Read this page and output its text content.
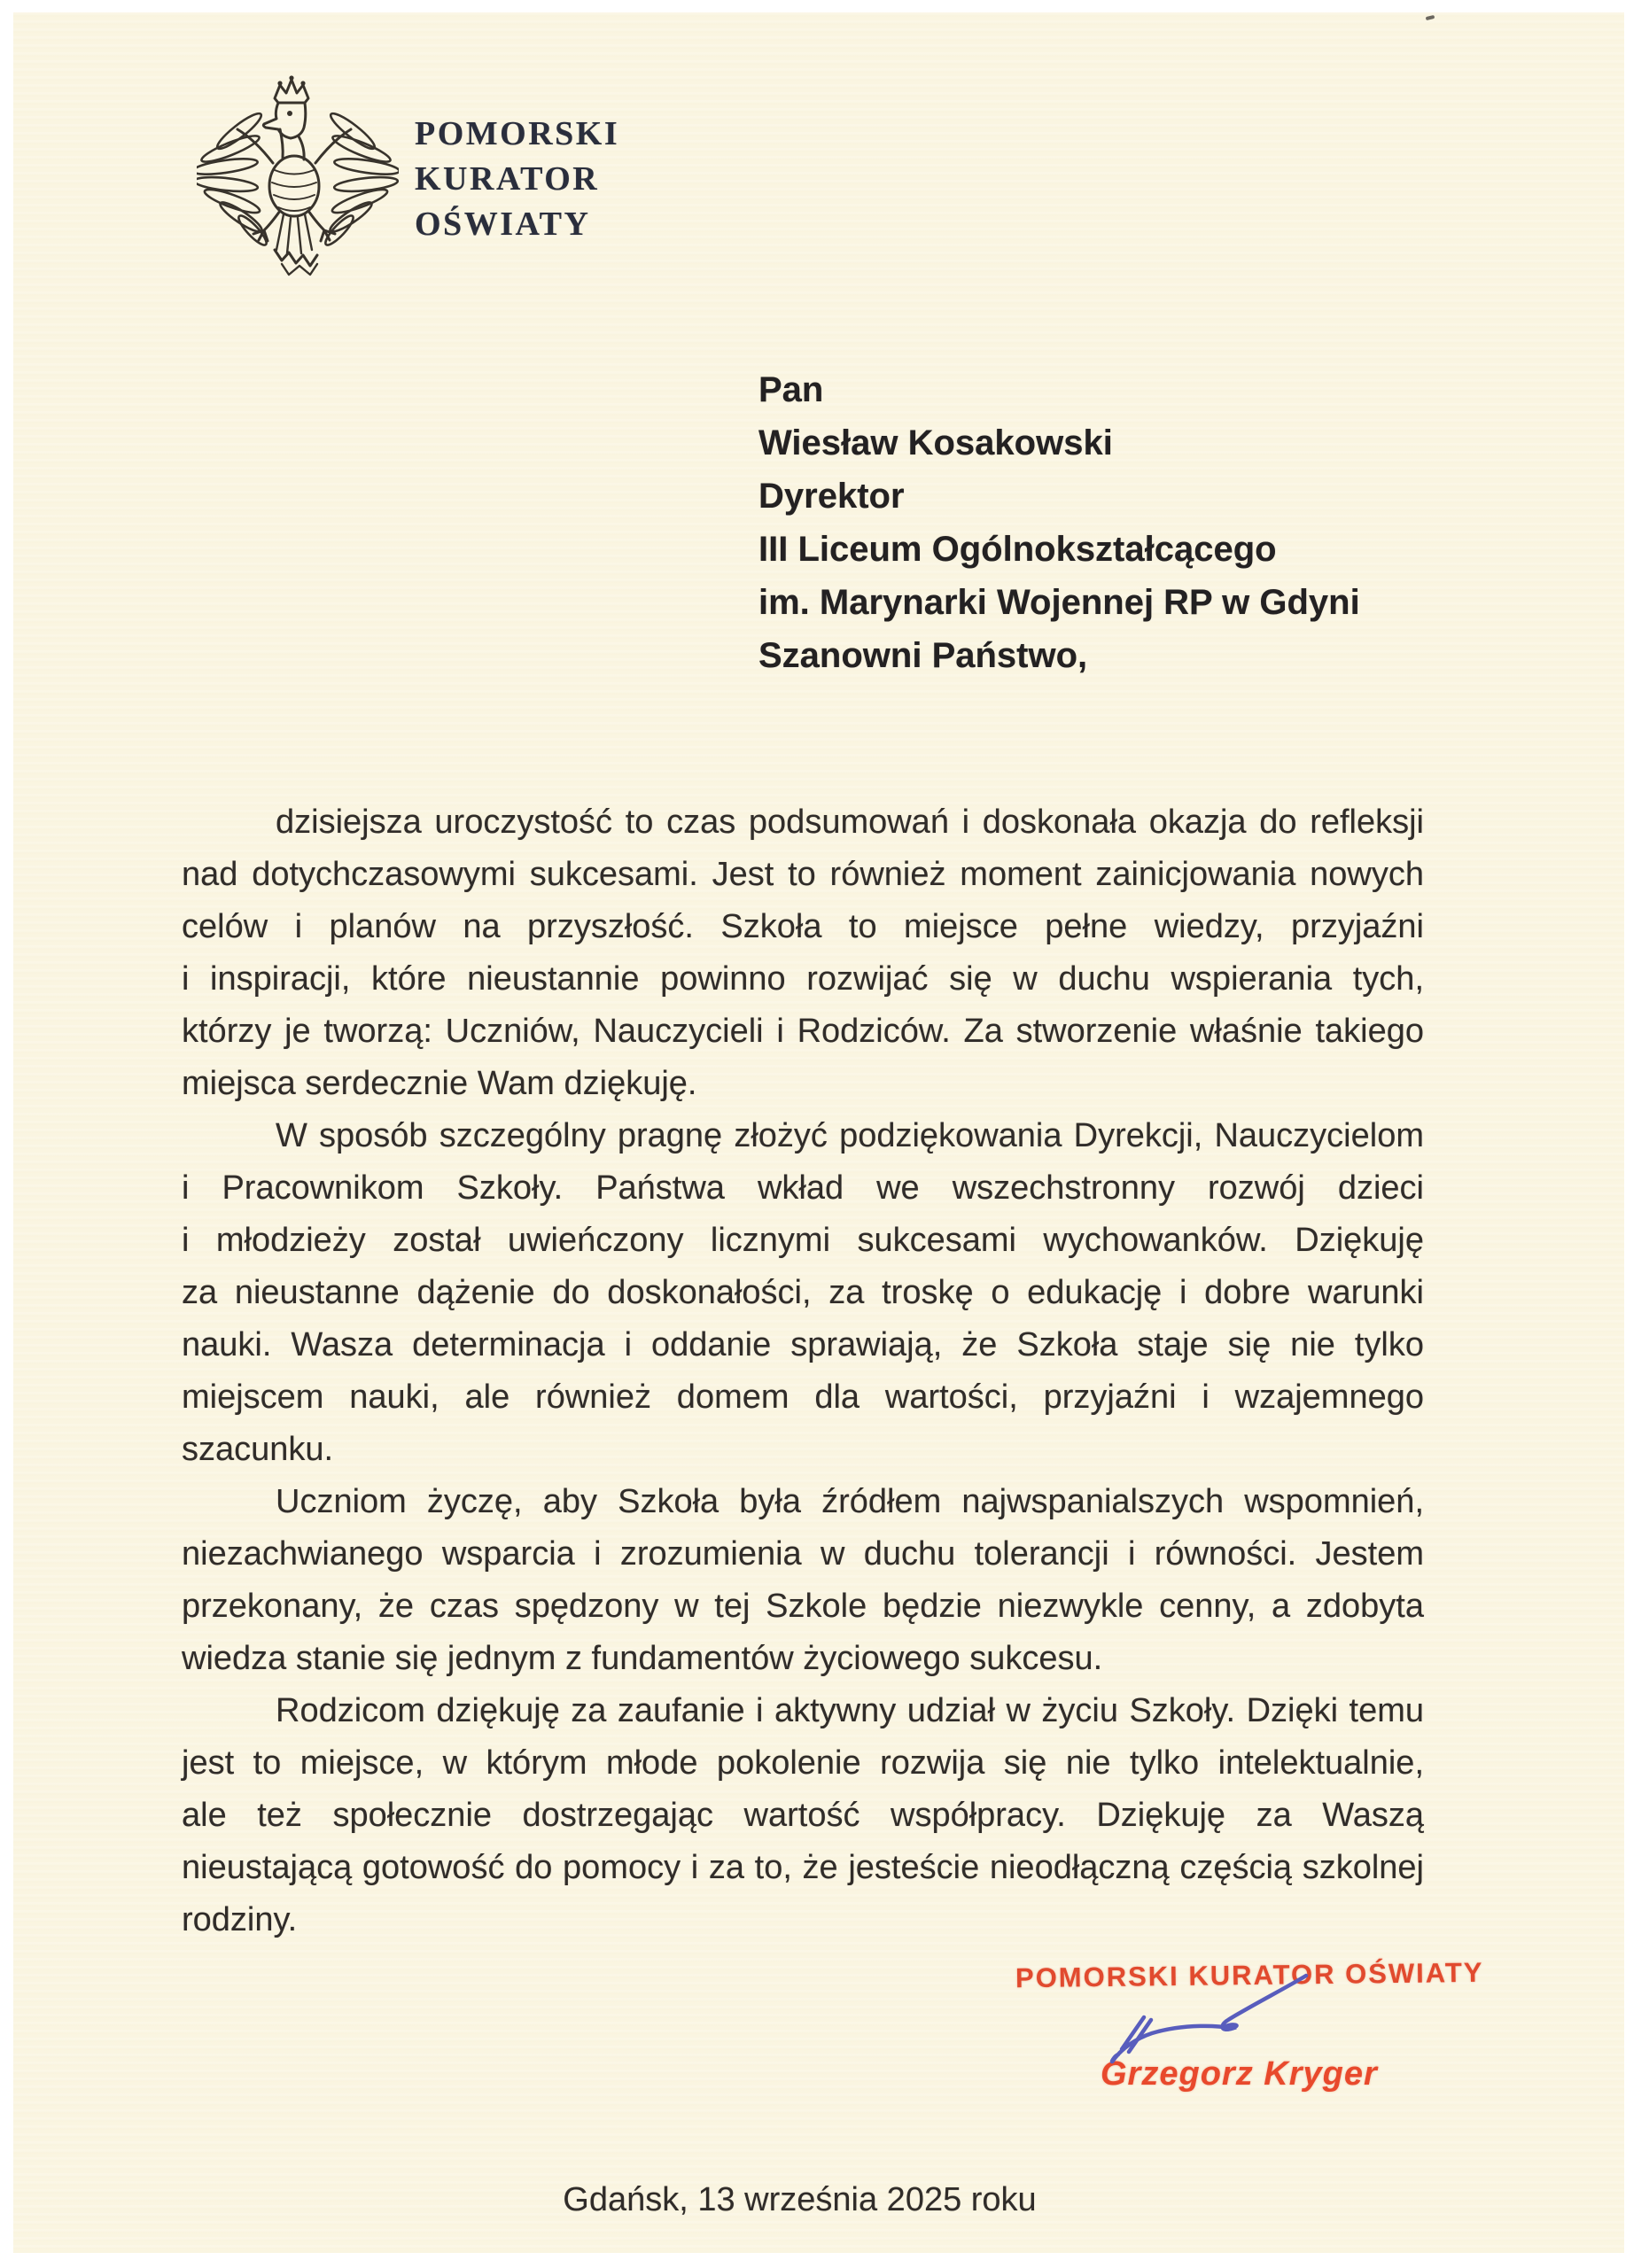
POMORSKI
KURATOR
OŚWIATY
Pan
Wiesław Kosakowski
Dyrektor
III Liceum Ogólnokształcącego
im. Marynarki Wojennej RP w Gdyni
Szanowni Państwo,
dzisiejsza uroczystość to czas podsumowań i doskonała okazja do refleksji
nad dotychczasowymi sukcesami. Jest to również moment zainicjowania nowych
celów i planów na przyszłość. Szkoła to miejsce pełne wiedzy, przyjaźni
i inspiracji, które nieustannie powinno rozwijać się w duchu wspierania tych,
którzy je tworzą: Uczniów, Nauczycieli i Rodziców. Za stworzenie właśnie takiego
miejsca serdecznie Wam dziękuję.
W sposób szczególny pragnę złożyć podziękowania Dyrekcji, Nauczycielom
i Pracownikom Szkoły. Państwa wkład we wszechstronny rozwój dzieci
i młodzieży został uwieńczony licznymi sukcesami wychowanków. Dziękuję
za nieustanne dążenie do doskonałości, za troskę o edukację i dobre warunki
nauki. Wasza determinacja i oddanie sprawiają, że Szkoła staje się nie tylko
miejscem nauki, ale również domem dla wartości, przyjaźni i wzajemnego
szacunku.
Uczniom życzę, aby Szkoła była źródłem najwspanialszych wspomnień,
niezachwianego wsparcia i zrozumienia w duchu tolerancji i równości. Jestem
przekonany, że czas spędzony w tej Szkole będzie niezwykle cenny, a zdobyta
wiedza stanie się jednym z fundamentów życiowego sukcesu.
Rodzicom dziękuję za zaufanie i aktywny udział w życiu Szkoły. Dzięki temu
jest to miejsce, w którym młode pokolenie rozwija się nie tylko intelektualnie,
ale też społecznie dostrzegając wartość współpracy. Dziękuję za Waszą
nieustającą gotowość do pomocy i za to, że jesteście nieodłączną częścią szkolnej
rodziny.
POMORSKI KURATOR OŚWIATY
Grzegorz Kryger
Gdańsk, 13 września 2025 roku
